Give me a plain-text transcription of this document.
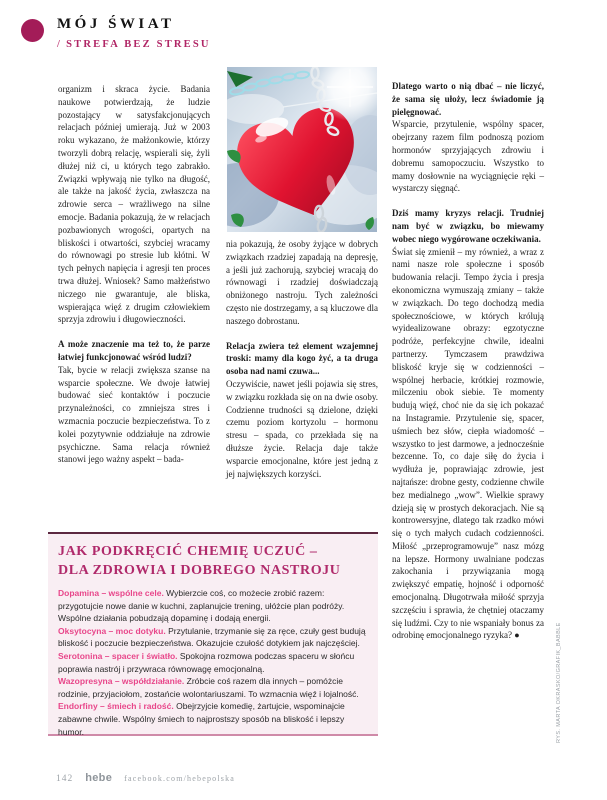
MÓJ ŚWIAT
/ STREFA BEZ STRESU

organizm i skraca życie. Badania naukowe potwierdzają, że ludzie pozostający w satysfakcjonujących relacjach później umierają. Już w 2003 roku wykazano, że małżonkowie, którzy tworzyli dobrą relację, wspierali się, żyli dłużej niż ci, u których tego zabrakło. Związki wpływają nie tylko na długość, ale także na jakość życia, zwłaszcza na zdrowie serca – wrażliwego na silne emocje. Badania pokazują, że w relacjach pozbawionych wrogości, opartych na bliskości i otwartości, szybciej wracamy do równowagi po stresie lub kłótni. W tych pełnych napięcia i agresji ten proces trwa dłużej. Wniosek? Samo małżeństwo niczego nie gwarantuje, ale bliska, wspierająca więź z drugim człowiekiem sprzyja zdrowiu i długowieczności.

A może znaczenie ma też to, że parze łatwiej funkcjonować wśród ludzi?

Tak, bycie w relacji zwiększa szanse na wsparcie społeczne. We dwoje łatwiej budować sieć kontaktów i poczucie przynależności, co zmniejsza stres i wzmacnia poczucie bezpieczeństwa. To z kolei pozytywnie oddziałuje na zdrowie psychiczne. Sama relacja również stanowi jego ważny aspekt – bada-

nia pokazują, że osoby żyjące w dobrych związkach rzadziej zapadają na depresję, a jeśli już zachorują, szybciej wracają do równowagi i rzadziej doświadczają obniżonego nastroju. Tych zależności często nie dostrzegamy, a są kluczowe dla naszego dobrostanu.

Relacja zwiera też element wzajemnej troski: mamy dla kogo żyć, a ta druga osoba nad nami czuwa...

Oczywiście, nawet jeśli pojawia się stres, w związku rozkłada się on na dwie osoby. Codzienne trudności są dzielone, dzięki czemu poziom kortyzolu – hormonu stresu – spada, co przekłada się na dłuższe życie. Relacja daje także wsparcie emocjonalne, które jest jedną z jej największych korzyści.

Dlatego warto o nią dbać – nie liczyć, że sama się ułoży, lecz świadomie ją pielęgnować.

Wsparcie, przytulenie, wspólny spacer, obejrzany razem film podnoszą poziom hormonów sprzyjających zdrowiu i dobremu samopoczuciu. Wszystko to mamy dosłownie na wyciągnięcie ręki – wystarczy sięgnąć.

Dziś mamy kryzys relacji. Trudniej nam być w związku, bo miewamy wobec niego wygórowane oczekiwania.

Świat się zmienił – my również, a wraz z nami nasze role społeczne i sposób budowania relacji. Tempo życia i presja ekonomiczna wymuszają zmiany – także w związkach. Do tego dochodzą media społecznościowe, w których królują wyidealizowane obrazy: egzotyczne podróże, perfekcyjne chwile, idealni partnerzy. Tymczasem prawdziwa bliskość kryje się w codzienności – wspólnej herbacie, krótkiej rozmowie, milczeniu obok siebie. Te momenty budują więź, choć nie da się ich pokazać na Instagramie. Przytulenie się, spacer, uśmiech bez słów, ciepła wiadomość – wszystko to jest darmowe, a jednocześnie bezcenne. To, co daje siłę do życia i wydłuża je, poprawiając zdrowie, jest najtańsze: drobne gesty, codzienne chwile bez medialnego „wow”. Wielkie sprawy dzieją się w prostych dekoracjach. Nie są kontrowersyjne, dlatego tak rzadko mówi się o tych małych cudach codzienności. Miłość „przeprogramowuje” nasz mózg na lepsze. Hormony uwalniane podczas zakochania i przywiązania mogą zwiększyć empatię, hojność i odporność emocjonalną. Długotrwała miłość sprzyja szczęściu i sprawia, że chętniej otaczamy się ludźmi. Czy to nie wspaniały bonus za odrobinę emocjonalnego ryzyka? ●

JAK PODKRĘCIĆ CHEMIĘ UCZUĆ –
DLA ZDROWIA I DOBREGO NASTROJU

Dopamina – wspólne cele. Wybierzcie coś, co możecie zrobić razem: przygotujcie nowe danie w kuchni, zaplanujcie trening, ułóżcie plan podróży. Wspólne działania pobudzają dopaminę i dodają energii.

Oksytocyna – moc dotyku. Przytulanie, trzymanie się za ręce, czuły gest budują bliskość i poczucie bezpieczeństwa. Okazujcie czułość dotykiem jak najczęściej.

Serotonina – spacer i światło. Spokojna rozmowa podczas spaceru w słońcu poprawia nastrój i przywraca równowagę emocjonalną.

Wazopresyna – współdziałanie. Zróbcie coś razem dla innych – pomóżcie rodzinie, przyjaciołom, zostańcie wolontariuszami. To wzmacnia więź i lojalność.

Endorfiny – śmiech i radość. Obejrzyjcie komedię, żartujcie, wspominajcie zabawne chwile. Wspólny śmiech to najprostszy sposób na bliskość i lepszy humor.	RYS. MARTA OKRASKO/GRAFIK_BABBLE
142 hebe facebook.com/hebepolska
